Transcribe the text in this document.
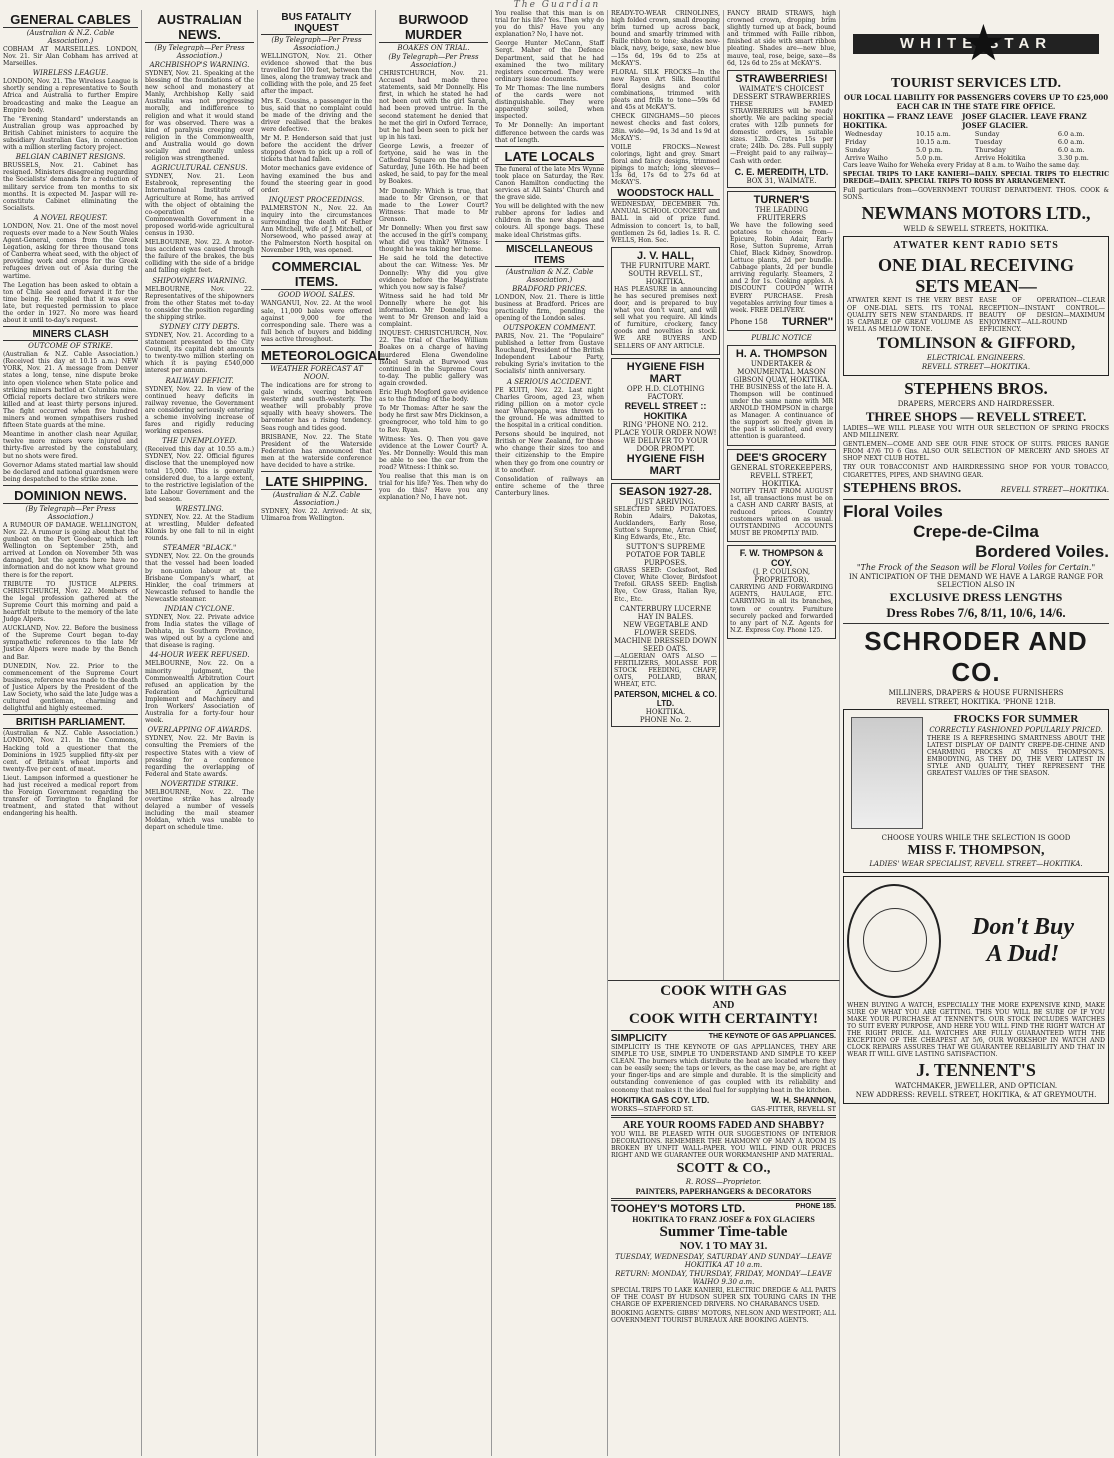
The Guardian
GENERAL CABLES
(Australian & N.Z. Cable Association.)

COBHAM AT MARSEILLES. LONDON, Nov. 21. Sir Alan Cobham has arrived at Marseilles.

WIRELESS LEAGUE.

LONDON, Nov. 21. The Wireless League is shortly sending a representative to South Africa and Australia to further Empire broadcasting and make the League an Empire body.

The "Evening Standard" understands an Australian group was approached by British Cabinet ministers to acquire the subsidiary Australian Gas, in connection with a million sterling factory project.

BELGIAN CABINET RESIGNS.

BRUSSELS, Nov. 21. Cabinet has resigned. Ministers disagreeing regarding the Socialists' demands for a reduction of military service from ten months to six months. It is expected M. Jaspar will re-constitute Cabinet eliminating the Socialists.

A NOVEL REQUEST.

LONDON, Nov. 21. One of the most novel requests ever made to a New South Wales Agent-General, comes from the Greek Legation, asking for three thousand tons of Canberra wheat seed, with the object of providing work and crops for the Greek refugees driven out of Asia during the wartime.

The Legation has been asked to obtain a ton of Chile seed and forward it for the time being. He replied that it was ever late, but requested permission to place the order in 1927. No more was heard about it until to-day's request.

MINERS CLASH
OUTCOME OF STRIKE.

(Australian & N.Z. Cable Association.) (Received this day at 10.15 a.m.) NEW YORK, Nov. 21. A message from Denver states a long, tense, nine dispute broke into open violence when State police and striking miners battled at Columbia mine. Official reports declare two strikers were killed and at least thirty persons injured. The fight occurred when five hundred miners and women sympathisers rushed fifteen State guards at the mine.

Meantime in another clash near Aguilar, twelve more miners were injured and thirty-five arrested by the constabulary, but no shots were fired.

Governor Adams stated martial law should be declared and national guardsmen were being despatched to the strike zone.

DOMINION NEWS.
(By Telegraph—Per Press Association.)

A RUMOUR OF DAMAGE. WELLINGTON, Nov. 22. A rumour is going about that the gunboat on the Port Goodear, which left Wellington on September 25th, and arrived at London on November 5th was damaged, but the agents here have no information and do not know what ground there is for the report.

TRIBUTE TO JUSTICE ALPERS. CHRISTCHURCH, Nov. 22. Members of the legal profession gathered at the Supreme Court this morning and paid a heartfelt tribute to the memory of the late Judge Alpers.

AUCKLAND, Nov. 22. Before the business of the Supreme Court began to-day sympathetic references to the late Mr Justice Alpers were made by the Bench and Bar.

DUNEDIN, Nov. 22. Prior to the commencement of the Supreme Court business, reference was made to the death of Justice Alpers by the President of the Law Society, who said the late Judge was a cultured gentleman, charming and delightful and highly esteemed.

BRITISH PARLIAMENT.

(Australian & N.Z. Cable Association.) LONDON, Nov. 21. In the Commons, Hacking told a questioner that the Dominions in 1925 supplied fifty-six per cent. of Britain's wheat imports and twenty-five per cent. of meat.

Lieut. Lampson informed a questioner he had just received a medical report from the Foreign Government regarding the transfer of Torrington to England for treatment, and stated that without endangering his health.

AUSTRALIAN NEWS.
(By Telegraph—Per Press Association.)
ARCHBISHOP'S WARNING.

SYDNEY, Nov. 21. Speaking at the blessing of the foundations of the new school and monastery at Manly, Archbishop Kelly said Australia was not progressing morally, and indifference to religion and what it would stand for was observed. There was a kind of paralysis creeping over religion in the Commonwealth, and Australia would go down socially and morally unless religion was strengthened.

AGRICULTURAL CENSUS.

SYDNEY, Nov. 21. Leon Estabrook, representing the International Institute of Agriculture at Rome, has arrived with the object of obtaining the co-operation of the Commonwealth Government in a proposed world-wide agricultural census in 1930.

MELBOURNE, Nov. 22. A motor-bus accident was caused through the failure of the brakes, the bus colliding with the side of a bridge and falling eight feet.

SHIPOWNERS WARNING.

MELBOURNE, Nov. 22. Representatives of the shipowners from the other States met to-day to consider the position regarding the shipping strike.

SYDNEY CITY DEBTS.

SYDNEY, Nov. 21. According to a statement presented to the City Council, its capital debt amounts to twenty-two million sterling on which it is paying £540,000 interest per annum.

RAILWAY DEFICIT.

SYDNEY, Nov. 22. In view of the continued heavy deficits in railway revenue, the Government are considering seriously entering a scheme involving increase of fares and rigidly reducing working expenses.

THE UNEMPLOYED.

(Received this day at 10.55 a.m.) SYDNEY, Nov. 22. Official figures disclose that the unemployed now total 15,000. This is generally considered due, to a large extent, to the restrictive legislation of the late Labour Government and the bad season.

WRESTLING.

SYDNEY, Nov. 22. At the Stadium at wrestling, Mulder defeated Kilonis by one fall to nil in eight rounds.

STEAMER "BLACK."

SYDNEY, Nov. 22. On the grounds that the vessel had been loaded by non-union labour at the Brisbane Company's wharf, at Hinkler, the coal trimmers at Newcastle refused to handle the Newcastle steamer.

INDIAN CYCLONE.

SYDNEY, Nov. 22. Private advice from India states the village of Debhata, in Southern Province, was wiped out by a cyclone and that disease is raging.

44-HOUR WEEK REFUSED.

MELBOURNE, Nov. 22. On a minority judgment, the Commonwealth Arbitration Court refused an application by the Federation of Agricultural Implement and Machinery and Iron Workers' Association of Australia for a forty-four hour week.

OVERLAPPING OF AWARDS.

SYDNEY, Nov. 22. Mr Bavin is consulting the Premiers of the respective States with a view of pressing for a conference regarding the overlapping of Federal and State awards.

NOVERTIDE STRIKE.

MELBOURNE, Nov. 22. The overtime strike has already delayed a number of vessels including the mail steamer Moldan, which was unable to depart on schedule time.

BUS FATALITY INQUEST
(By Telegraph—Per Press Association.)

WELLINGTON, Nov. 21. Other evidence showed that the bus travelled for 100 feet, between the lines, along the tramway track and colliding with the pole, and 25 feet after the impact.

Mrs E. Cousins, a passenger in the bus, said that no complaint could be made of the driving and the driver realised that the brakes were defective.

Mr M. P. Henderson said that just before the accident the driver stopped down to pick up a roll of tickets that had fallen.

Motor mechanics gave evidence of having examined the bus and found the steering gear in good order.

INQUEST PROCEEDINGS.

PALMERSTON N., Nov. 22. An inquiry into the circumstances surrounding the death of Father Ann Mitchell, wife of J. Mitchell, of Norsewood, who passed away at the Palmerston North hospital on November 19th, was opened.

COMMERCIAL ITEMS.
GOOD WOOL SALES.

WANGANUI, Nov. 22. At the wool sale, 11,000 bales were offered against 9,000 for the corresponding sale. There was a full bench of buyers and bidding was active throughout.

METEOROLOGICAL.
WEATHER FORECAST AT NOON.

The indications are for strong to gale winds, veering between westerly and south-westerly. The weather will probably prove squally with heavy showers. The barometer has a rising tendency. Seas rough and tides good.

BRISBANE, Nov. 22. The State President of the Waterside Federation has announced that men at the waterside conference have decided to have a strike.

LATE SHIPPING.
(Australian & N.Z. Cable Association.)

SYDNEY, Nov. 22. Arrived: At six, Ulimaroa from Wellington.

BURWOOD MURDER
BOAKES ON TRIAL.
(By Telegraph—Per Press Association.)

CHRISTCHURCH, Nov. 21. Accused had made three statements, said Mr Donnelly. His first, in which he stated he had not been out with the girl Sarah, had been proved untrue. In the second statement he denied that he met the girl in Oxford Terrace, but he had been seen to pick her up in his taxi.

George Lewis, a freezer of fortyone, said he was in the Cathedral Square on the night of Saturday, June 16th. He had been asked, he said, to pay for the meal by Boakes.

Mr Donnelly: Which is true, that made to Mr Grenson, or that made to the Lower Court? Witness: That made to Mr Grenson.

Mr Donnelly: When you first saw the accused in the girl's company, what did you think? Witness: I thought he was taking her home.

He said he told the detective about the car. Witness: Yes. Mr Donnelly: Why did you give evidence before the Magistrate which you now say is false?

Witness said he had told Mr Donnelly where he got his information. Mr Donnelly: You went to Mr Grenson and laid a complaint.

INQUEST: CHRISTCHURCH, Nov. 22. The trial of Charles William Boakes on a charge of having murdered Elena Gwendoline Isobel Sarah at Burwood was continued in the Supreme Court to-day. The public gallery was again crowded.

Eric Hugh Mogford gave evidence as to the finding of the body.

To Mr Thomas: After he saw the body he first saw Mrs Dickinson, a greengrocer, who told him to go to Rev. Ryan.

Witness: Yes. Q. Then you gave evidence at the Lower Court? A. Yes. Mr Donnelly: Would this man be able to see the car from the road? Witness: I think so.

You realise that this man is on trial for his life? Yes. Then why do you do this? Have you any explanation? No, I have not.

You realise that this man is on trial for his life? Yes. Then why do you do this? Have you any explanation? No, I have not.

George Hunter McCann, Staff Sergt. Maher of the Defence Department, said that he had examined the two military registers concerned. They were ordinary issue documents.

To Mr Thomas: The line numbers of the cards were not distinguishable. They were apparently soiled, when inspected.

To Mr Donnelly: An important difference between the cards was that of length.

LATE LOCALS

The funeral of the late Mrs Wynne took place on Saturday, the Rev. Canon Hamilton conducting the services at All Saints' Church and the grave side.

You will be delighted with the new rubber aprons for ladies and children in the new shapes and colours. All sponge bags. These make ideal Christmas gifts.

MISCELLANEOUS ITEMS
(Australian & N.Z. Cable Association.)
BRADFORD PRICES.

LONDON, Nov. 21. There is little business at Bradford. Prices are practically firm, pending the opening of the London sales.

OUTSPOKEN COMMENT.

PARIS, Nov. 21. The "Populaire" published a letter from Gustave Rouchaud, President of the British Independent Labour Party, rebuking Syria's invitation to the Socialists' ninth anniversary.

A SERIOUS ACCIDENT.

PE KUITI, Nov. 22. Last night Charles Groom, aged 23, when riding pillion on a motor cycle near Wharepapa, was thrown to the ground. He was admitted to the hospital in a critical condition.

Persons should be inquired, not British or New Zealand, for those who change their sizes too and their citizenship to the Empire when they go from one country or it to another.

Consolidation of railways an entire scheme of the three Canterbury lines.

READY-TO-WEAR CRINOLINES, high folded crown, small drooping brim turned up across back, bound and smartly trimmed with Faille ribbon to tone; shades new-black, navy, beige, saxe, new blue—15s 6d, 19s 6d to 25s at McKAY'S.

FLORAL SILK FROCKS—In the new Rayon Art Silk. Beautiful floral designs and color combinations, trimmed with pleats and frills to tone—59s 6d and 45s at McKAY'S.

CHECK GINGHAMS—50 pieces newest checks and fast colors, 28in. wide—9d, 1s 3d and 1s 9d at McKAY'S.

VOILE FROCKS—Newest colorings, light and grey. Smart floral and fancy designs, trimmed pipings to match; long sleeves—13s 6d, 17s 6d to 27s 6d at McKAY'S.

WOODSTOCK HALL

WEDNESDAY, DECEMBER 7th. ANNUAL SCHOOL CONCERT and BALL in aid of prize fund. Admission to concert 1s, to ball, gentlemen 2s 6d, ladies 1s. R. C. WELLS, Hon. Sec.

J. V. HALL,
THE FURNITURE MART.
SOUTH REVELL ST., HOKITIKA.

HAS PLEASURE in announcing he has secured premises next door, and is prepared to buy what you don't want, and will sell what you require. All kinds of furniture, crockery, fancy goods and novelties in stock. WE ARE BUYERS AND SELLERS OF ANY ARTICLE.

HYGIENE FISH MART
OPP. H.D. CLOTHING FACTORY.
REVELL STREET :: HOKITIKA
RING 'PHONE NO. 212. PLACE YOUR ORDER NOW!
WE DELIVER TO YOUR DOOR PROMPT.
HYGIENE FISH MART
SEASON 1927-28.
JUST ARRIVING.

SELECTED SEED POTATOES. Robin Adairs, Dakotas, Aucklanders, Early Rose, Sutton's Supreme, Arran Chief, King Edwards, Etc., Etc.

SUTTON'S SUPREME POTATOE FOR TABLE PURPOSES.

GRASS SEED: Cocksfoot, Red Clover, White Clover, Birdsfoot Trefoil. GRASS SEED: English Rye, Cow Grass, Italian Rye, Etc., Etc.

CANTERBURY LUCERNE HAY IN BALES.
NEW VEGETABLE AND FLOWER SEEDS.
MACHINE DRESSED DOWN SEED OATS.

—ALGERIAN OATS ALSO — FERTILIZERS, MOLASSE FOR STOCK FEEDING, CHAFF, OATS, POLLARD, BRAN, WHEAT, ETC.

PATERSON, MICHEL & CO. LTD.
HOKITIKA.
PHONE No. 2.
COOK WITH GAS
AND
COOK WITH CERTAINTY!
SIMPLICITY	THE KEYNOTE OF GAS APPLIANCES.

SIMPLICITY IS THE KEYNOTE OF GAS APPLIANCES, THEY ARE SIMPLE TO USE, SIMPLE TO UNDERSTAND AND SIMPLE TO KEEP CLEAN. The burners which distribute the heat are located where they can be easily seen; the taps or levers, as the case may be, are right at your finger-tips and are simple and durable. It is the simplicity and outstanding convenience of gas coupled with its reliability and economy that makes it the ideal fuel for supplying heat in the kitchen.

HOKITIKA GAS COY. LTD.	W. H. SHANNON,
WORKS—STAFFORD ST.	GAS-FITTER, REVELL ST
ARE YOUR ROOMS FADED AND SHABBY?

YOU WILL BE PLEASED WITH OUR SUGGESTIONS OF INTERIOR DECORATIONS. REMEMBER THE HARMONY OF MANY A ROOM IS BROKEN BY UNFIT WALL-PAPER. YOU WILL FIND OUR PRICES RIGHT AND WE GUARANTEE OUR WORKMANSHIP AND MATERIAL.

SCOTT & CO.,
R. ROSS—Proprietor.
PAINTERS, PAPERHANGERS & DECORATORS
TOOHEY'S MOTORS LTD.	PHONE 185.
HOKITIKA TO FRANZ JOSEF & FOX GLACIERS
Summer Time-table
NOV. 1 TO MAY 31.
TUESDAY, WEDNESDAY, SATURDAY AND SUNDAY—LEAVE HOKITIKA AT 10 a.m.
RETURN: MONDAY, THURSDAY, FRIDAY, MONDAY—LEAVE WAIHO 9.30 a.m.

SPECIAL TRIPS TO LAKE KANIERI, ELECTRIC DREDGE & ALL PARTS OF THE COAST BY HUDSON SUPER SIX TOURING CARS IN THE CHARGE OF EXPERIENCED DRIVERS. NO CHARABANCS USED.

BOOKING AGENTS: GIBBS' MOTORS, NELSON AND WESTPORT; ALL GOVERNMENT TOURIST BUREAUX ARE BOOKING AGENTS.

FANCY BRAID STRAWS, high crowned crown, dropping brim slightly turned up at back, bound and trimmed with Faille ribbon, finished at side with smart ribbon pleating. Shades are—new blue, mauve, teal, rose, beige, saxe—8s 6d, 12s 6d to 25s at McKAY'S.

STRAWBERRIES!
WAIMATE'S CHOICEST DESSERT STRAWBERRIES

THESE FAMED STRAWBERRIES will be ready shortly. We are packing special crates with 12lb punnets for domestic orders, in suitable sizes. 12lb. Crates 15s per crate; 24lb. Do. 28s. Full supply—Freight paid to any railway—Cash with order.

C. E. MEREDITH, LTD.
BOX 31, WAIMATE.
TURNER'S
THE LEADING FRUITERERS

We have the following seed potatoes to choose from—Epicure, Robin Adair, Early Rose, Sutton Supreme, Arran Chief, Black Kidney, Snowdrop. Lettuce plants, 2d per bundle. Cabbage plants, 2d per bundle arriving regularly. Steamers, 2 and 2 for 1s. Cooking apples. A DISCOUNT COUPON WITH EVERY PURCHASE. Fresh vegetables arriving four times a week. FREE DELIVERY.

Phone 158 TURNER''
PUBLIC NOTICE
H. A. THOMPSON
UNDERTAKER & MONUMENTAL MASON
GIBSON QUAY, HOKITIKA.

THE BUSINESS of the late H. A. Thompson will be continued under the same name with MR ARNOLD THOMPSON in charge as Manager. A continuance of the support so freely given in the past is solicited, and every attention is guaranteed.

DEE'S GROCERY
GENERAL STOREKEEPERS, REVELL STREET, HOKITIKA.

NOTIFY THAT FROM AUGUST 1st, all transactions must be on a CASH AND CARRY BASIS, at reduced prices. Country customers waited on as usual. OUTSTANDING ACCOUNTS MUST BE PROMPTLY PAID.

F. W. THOMPSON & COY.
(J. P. COULSON, PROPRIETOR).

CARRYING AND FORWARDING AGENTS, HAULAGE, ETC. CARRYING in all its branches, town or country. Furniture securely packed and forwarded to any part of N.Z. Agents for N.Z. Express Coy. Phone 125.

WHITE STAR
★
TOURIST SERVICES LTD.
OUR LOCAL LIABILITY FOR PASSENGERS COVERS UP TO £25,000 EACH CAR IN THE STATE FIRE OFFICE.
HOKITIKA — FRANZ LEAVE HOKITIKA.
JOSEF GLACIER. LEAVE FRANZ JOSEF GLACIER.
Wednesday	10.15 a.m.	Sunday	6.0 a.m.
Friday	10.15 a.m.	Tuesday	6.0 a.m.
Sunday	5.0 p.m.	Thursday	6.0 a.m.
Arrive Waiho	5.0 p.m.	Arrive Hokitika	3.30 p.m.

Cars leave Waiho for Weheka every Friday at 8 a.m. to Waiho the same day.

SPECIAL TRIPS TO LAKE KANIERI—DAILY. SPECIAL TRIPS TO ELECTRIC DREDGE—DAILY. SPECIAL TRIPS TO ROSS BY ARRANGEMENT.

Full particulars from—GOVERNMENT TOURIST DEPARTMENT. THOS. COOK & SONS.

NEWMANS MOTORS LTD.,
WELD & SEWELL STREETS, HOKITIKA.
ATWATER KENT RADIO SETS
ONE DIAL RECEIVING
SETS MEAN—

ATWATER KENT IS THE VERY BEST OF ONE-DIAL SETS. ITS TONAL QUALITY SETS NEW STANDARDS. IT IS CAPABLE OF GREAT VOLUME AS WELL AS MELLOW TONE.

EASE OF OPERATION—CLEAR RECEPTION—INSTANT CONTROL—BEAUTY OF DESIGN—MAXIMUM ENJOYMENT—ALL-ROUND EFFICIENCY.

TOMLINSON & GIFFORD,
ELECTRICAL ENGINEERS.
REVELL STREET—HOKITIKA.
STEPHENS BROS.
DRAPERS, MERCERS AND HAIRDRESSER.
THREE SHOPS — REVELL STREET.

LADIES—WE WILL PLEASE YOU WITH OUR SELECTION OF SPRING FROCKS AND MILLINERY.

GENTLEMEN—COME AND SEE OUR FINE STOCK OF SUITS. PRICES RANGE FROM 47/6 TO 6 Gns. ALSO OUR SELECTION OF MERCERY AND SHOES AT SHOP NEXT CLUB HOTEL.

TRY OUR TOBACCONIST AND HAIRDRESSING SHOP FOR YOUR TOBACCO, CIGARETTES, PIPES, AND SHAVING GEAR.

STEPHENS BROS.	REVELL STREET—HOKITIKA.
Floral Voiles
Crepe-de-Cilma
Bordered Voiles.
"The Frock of the Season will be Floral Voiles for Certain."
IN ANTICIPATION OF THE DEMAND WE HAVE A LARGE RANGE FOR SELECTION ALSO IN
EXCLUSIVE DRESS LENGTHS
Dress Robes 7/6, 8/11, 10/6, 14/6.
SCHRODER AND CO.
MILLINERS, DRAPERS & HOUSE FURNISHERS
REVELL STREET, HOKITIKA. 'PHONE 121B.
FROCKS FOR SUMMER
CORRECTLY FASHIONED POPULARLY PRICED.

THERE IS A REFRESHING SMARTNESS ABOUT THE LATEST DISPLAY OF DAINTY CREPE-DE-CHINE AND CHARMING FROCKS AT MISS THOMPSON'S. EMBODYING, AS THEY DO, THE VERY LATEST IN STYLE AND QUALITY, THEY REPRESENT THE GREATEST VALUES OF THE SEASON.

CHOOSE YOURS WHILE THE SELECTION IS GOOD
MISS F. THOMPSON,
LADIES' WEAR SPECIALIST, REVELL STREET—HOKITIKA.
Don't Buy
A Dud!

WHEN BUYING A WATCH, ESPECIALLY THE MORE EXPENSIVE KIND, MAKE SURE OF WHAT YOU ARE GETTING. THIS YOU WILL BE SURE OF IF YOU MAKE YOUR PURCHASE AT TENNENT'S. OUR STOCK INCLUDES WATCHES TO SUIT EVERY PURPOSE, AND HERE YOU WILL FIND THE RIGHT WATCH AT THE RIGHT PRICE. ALL WATCHES ARE FULLY GUARANTEED WITH THE EXCEPTION OF THE CHEAPEST AT 5/6, OUR WORKSHOP IN WATCH AND CLOCK REPAIRS ASSURES THAT WE GUARANTEE RELIABILITY AND THAT IN WEAR IT WILL GIVE LASTING SATISFACTION.

J. TENNENT'S
WATCHMAKER, JEWELLER, AND OPTICIAN.
NEW ADDRESS: REVELL STREET, HOKITIKA, & AT GREYMOUTH.
